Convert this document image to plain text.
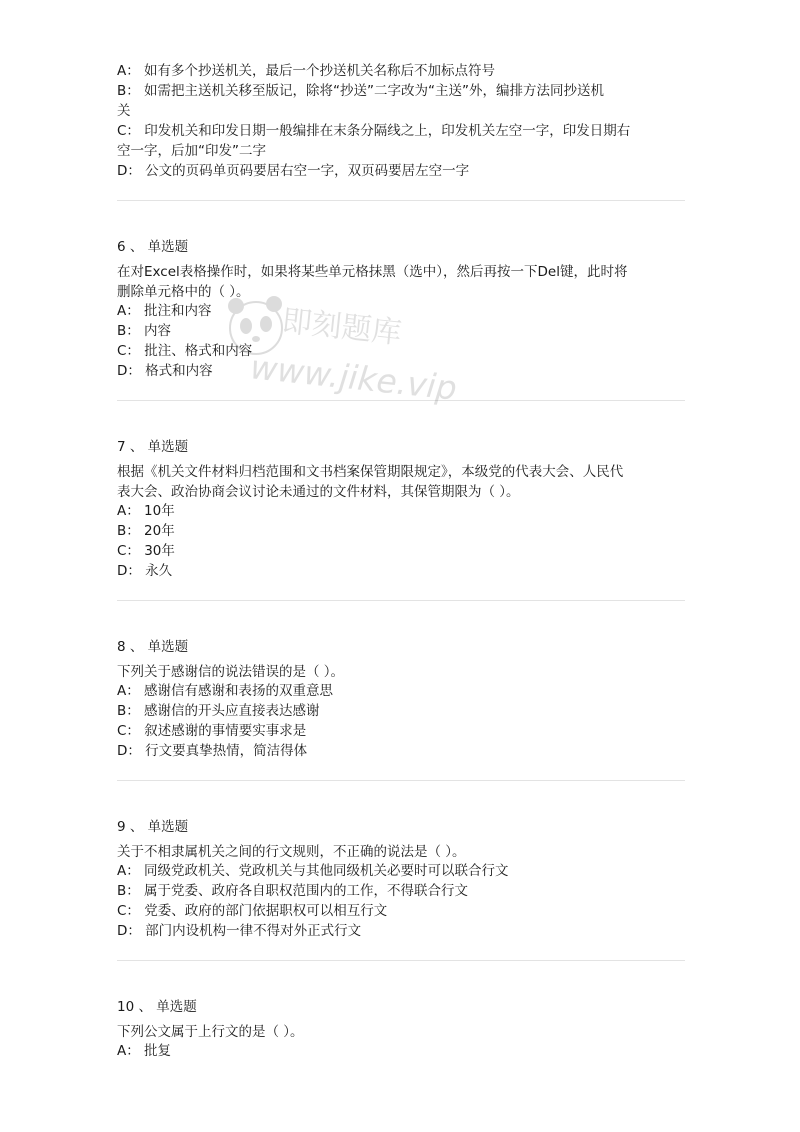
A： 如有多个抄送机关，最后一个抄送机关名称后不加标点符号
B： 如需把主送机关移至版记，除将“抄送”二字改为“主送”外，编排方法同抄送机
关
C： 印发机关和印发日期一般编排在末条分隔线之上，印发机关左空一字，印发日期右
空一字，后加“印发”二字
D： 公文的页码单页码要居右空一字，双页码要居左空一字
6 、 单选题
在对Excel表格操作时，如果将某些单元格抹黑（选中），然后再按一下Del键，此时将
删除单元格中的（ ）。
A： 批注和内容
B： 内容
C： 批注、格式和内容
D： 格式和内容
7 、 单选题
根据《机关文件材料归档范围和文书档案保管期限规定》，本级党的代表大会、人民代
表大会、政治协商会议讨论未通过的文件材料，其保管期限为（ ）。
A： 10年
B： 20年
C： 30年
D： 永久
8 、 单选题
下列关于感谢信的说法错误的是（ ）。
A： 感谢信有感谢和表扬的双重意思
B： 感谢信的开头应直接表达感谢
C： 叙述感谢的事情要实事求是
D： 行文要真挚热情，简洁得体
9 、 单选题
关于不相隶属机关之间的行文规则，不正确的说法是（ ）。
A： 同级党政机关、党政机关与其他同级机关必要时可以联合行文
B： 属于党委、政府各自职权范围内的工作，不得联合行文
C： 党委、政府的部门依据职权可以相互行文
D： 部门内设机构一律不得对外正式行文
10 、 单选题
下列公文属于上行文的是（ ）。
A： 批复
即刻题库
www.jike.vip
